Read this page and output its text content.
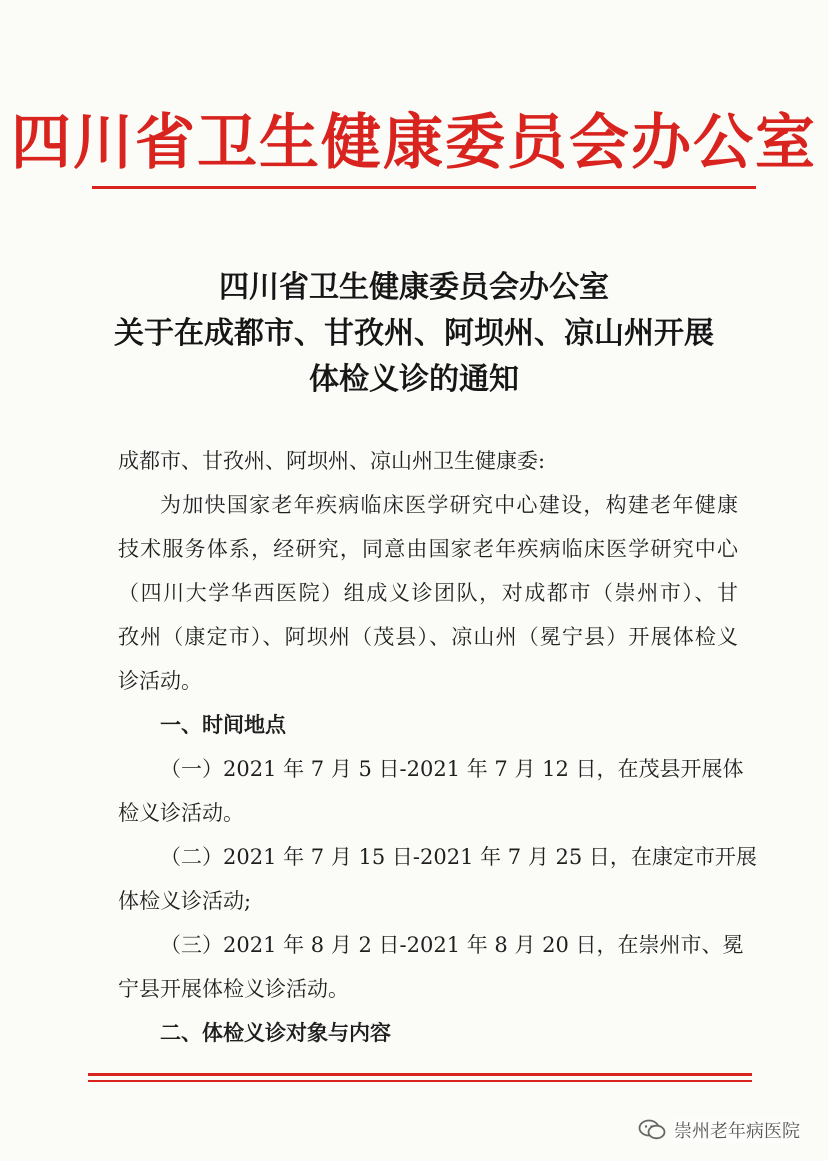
四川省卫生健康委员会办公室
四川省卫生健康委员会办公室
关于在成都市、甘孜州、阿坝州、凉山州开展
体检义诊的通知
成都市、甘孜州、阿坝州、凉山州卫生健康委:
为加快国家老年疾病临床医学研究中心建设，构建老年健康
技术服务体系，经研究，同意由国家老年疾病临床医学研究中心
（四川大学华西医院）组成义诊团队，对成都市（崇州市）、甘
孜州（康定市）、阿坝州（茂县）、凉山州（冕宁县）开展体检义
诊活动。
一、时间地点
（一）2021 年 7 月 5 日-2021 年 7 月 12 日，在茂县开展体
检义诊活动。
（二）2021 年 7 月 15 日-2021 年 7 月 25 日，在康定市开展
体检义诊活动;
（三）2021 年 8 月 2 日-2021 年 8 月 20 日，在崇州市、冕
宁县开展体检义诊活动。
二、体检义诊对象与内容
崇州老年病医院
